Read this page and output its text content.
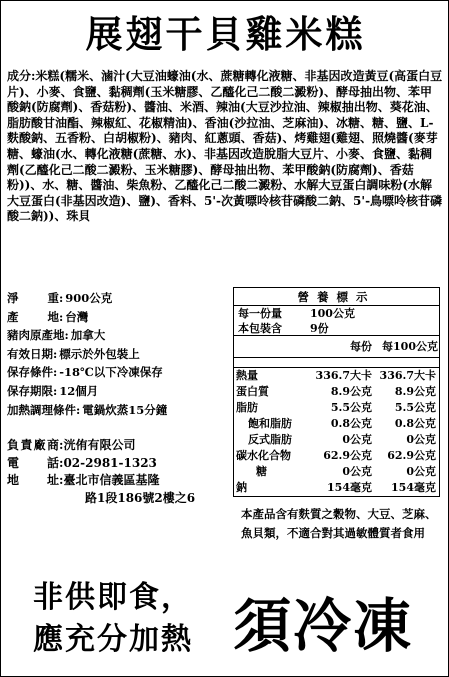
展翅干貝雞米糕
成分:米糕(糯米、滷汁(大豆油蠔油(水、蔗糖轉化液糖、非基因改造黃豆(高蛋白豆片)、小麥、食鹽、黏稠劑(玉米糖膠、乙醯化己二酸二澱粉)、酵母抽出物、苯甲酸鈉(防腐劑)、香菇粉)、醬油、米酒、辣油(大豆沙拉油、辣椒抽出物、葵花油、脂肪酸甘油酯、辣椒紅、花椒精油)、香油(沙拉油、芝麻油)、冰糖、糖、鹽、L-麩酸鈉、五香粉、白胡椒粉)、豬肉、紅蔥頭、香菇)、烤雞翅(雞翅、照燒醬(麥芽糖、蠔油(水、轉化液糖(蔗糖、水)、非基因改造脫脂大豆片、小麥、食鹽、黏稠劑(乙醯化己二酸二澱粉、玉米糖膠)、酵母抽出物、苯甲酸鈉(防腐劑)、香菇粉))、水、糖、醬油、柴魚粉、乙醯化己二酸二澱粉、水解大豆蛋白調味粉(水解大豆蛋白(非基因改造)、鹽)、香料、5'-次黃嘌呤核苷磷酸二鈉、5'-鳥嘌呤核苷磷酸二鈉))、珠貝
淨重 : 900公克
產地 : 台灣
豬肉原產地 : 加拿大
有效日期 : 標示於外包裝上
保存條件 : -18℃以下冷凍保存
保存期限 : 12個月
加熱調理條件 : 電鍋炊蒸15分鐘
負責廠商 : 洸侑有限公司
電話 : 02-2981-1323
地址 : 臺北市信義區基隆
路1段186號2樓之6
營養標示
每一份量	100公克
本包裝含	9份
每份 每100公克
熱量	336.7大卡 336.7大卡
蛋白質	8.9公克	8.9公克
脂肪	5.5公克	5.5公克
飽和脂肪	0.8公克	0.8公克
反式脂肪	0公克	0公克
碳水化合物	62.9公克	62.9公克
糖	0公克	0公克
鈉	154毫克	154毫克
本產品含有麩質之穀物、大豆、芝麻、魚貝類，不適合對其過敏體質者食用
非供即食，
應充分加熱 須冷凍
